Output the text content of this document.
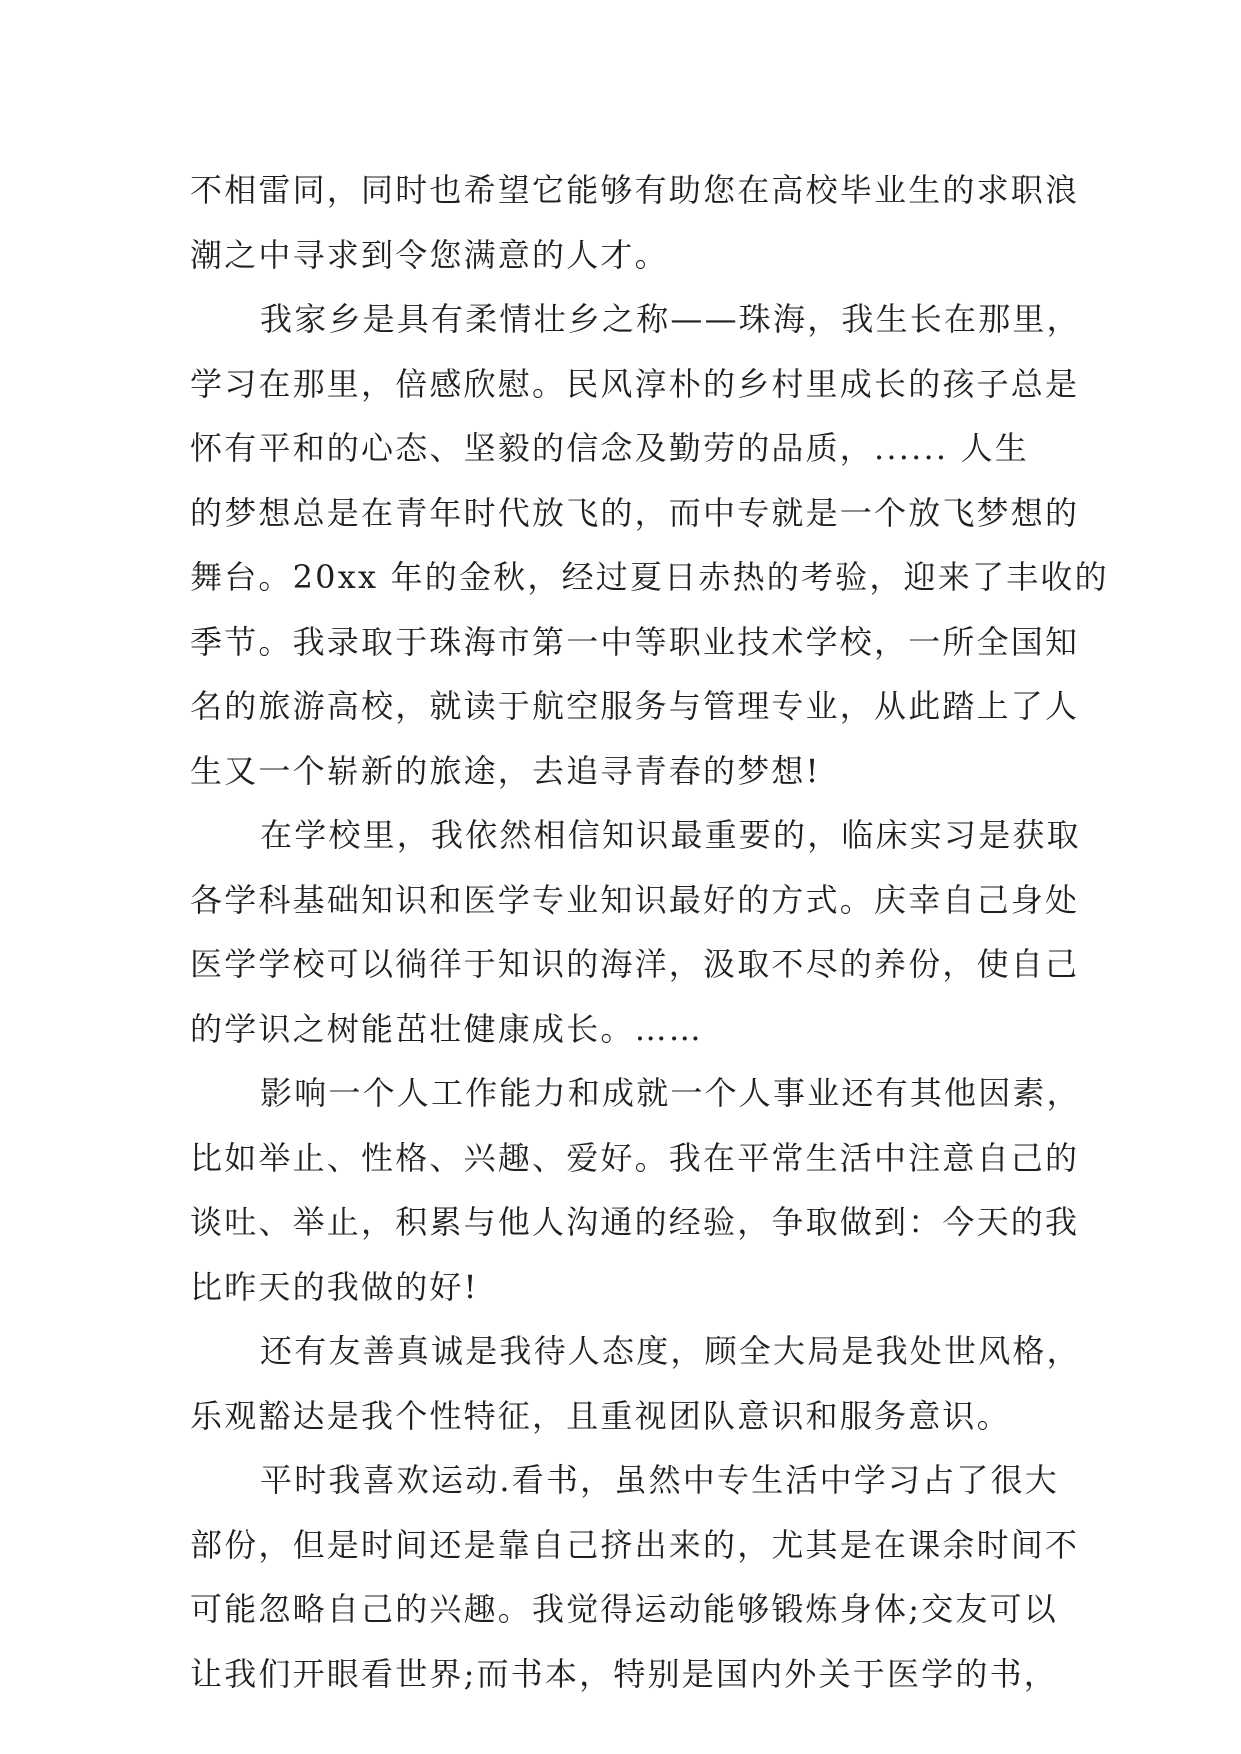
不相雷同，同时也希望它能够有助您在高校毕业生的求职浪
潮之中寻求到令您满意的人才。
我家乡是具有柔情壮乡之称——珠海，我生长在那里，
学习在那里，倍感欣慰。民风淳朴的乡村里成长的孩子总是
怀有平和的心态、坚毅的信念及勤劳的品质，...... 人生
的梦想总是在青年时代放飞的，而中专就是一个放飞梦想的
舞台。20xx 年的金秋，经过夏日赤热的考验，迎来了丰收的
季节。我录取于珠海市第一中等职业技术学校，一所全国知
名的旅游高校，就读于航空服务与管理专业，从此踏上了人
生又一个崭新的旅途，去追寻青春的梦想!
在学校里，我依然相信知识最重要的，临床实习是获取
各学科基础知识和医学专业知识最好的方式。庆幸自己身处
医学学校可以徜徉于知识的海洋，汲取不尽的养份，使自己
的学识之树能茁壮健康成长。……
影响一个人工作能力和成就一个人事业还有其他因素，
比如举止、性格、兴趣、爱好。我在平常生活中注意自己的
谈吐、举止，积累与他人沟通的经验，争取做到：今天的我
比昨天的我做的好!
还有友善真诚是我待人态度，顾全大局是我处世风格，
乐观豁达是我个性特征，且重视团队意识和服务意识。
平时我喜欢运动.看书，虽然中专生活中学习占了很大
部份，但是时间还是靠自己挤出来的，尤其是在课余时间不
可能忽略自己的兴趣。我觉得运动能够锻炼身体;交友可以
让我们开眼看世界;而书本，特别是国内外关于医学的书，
